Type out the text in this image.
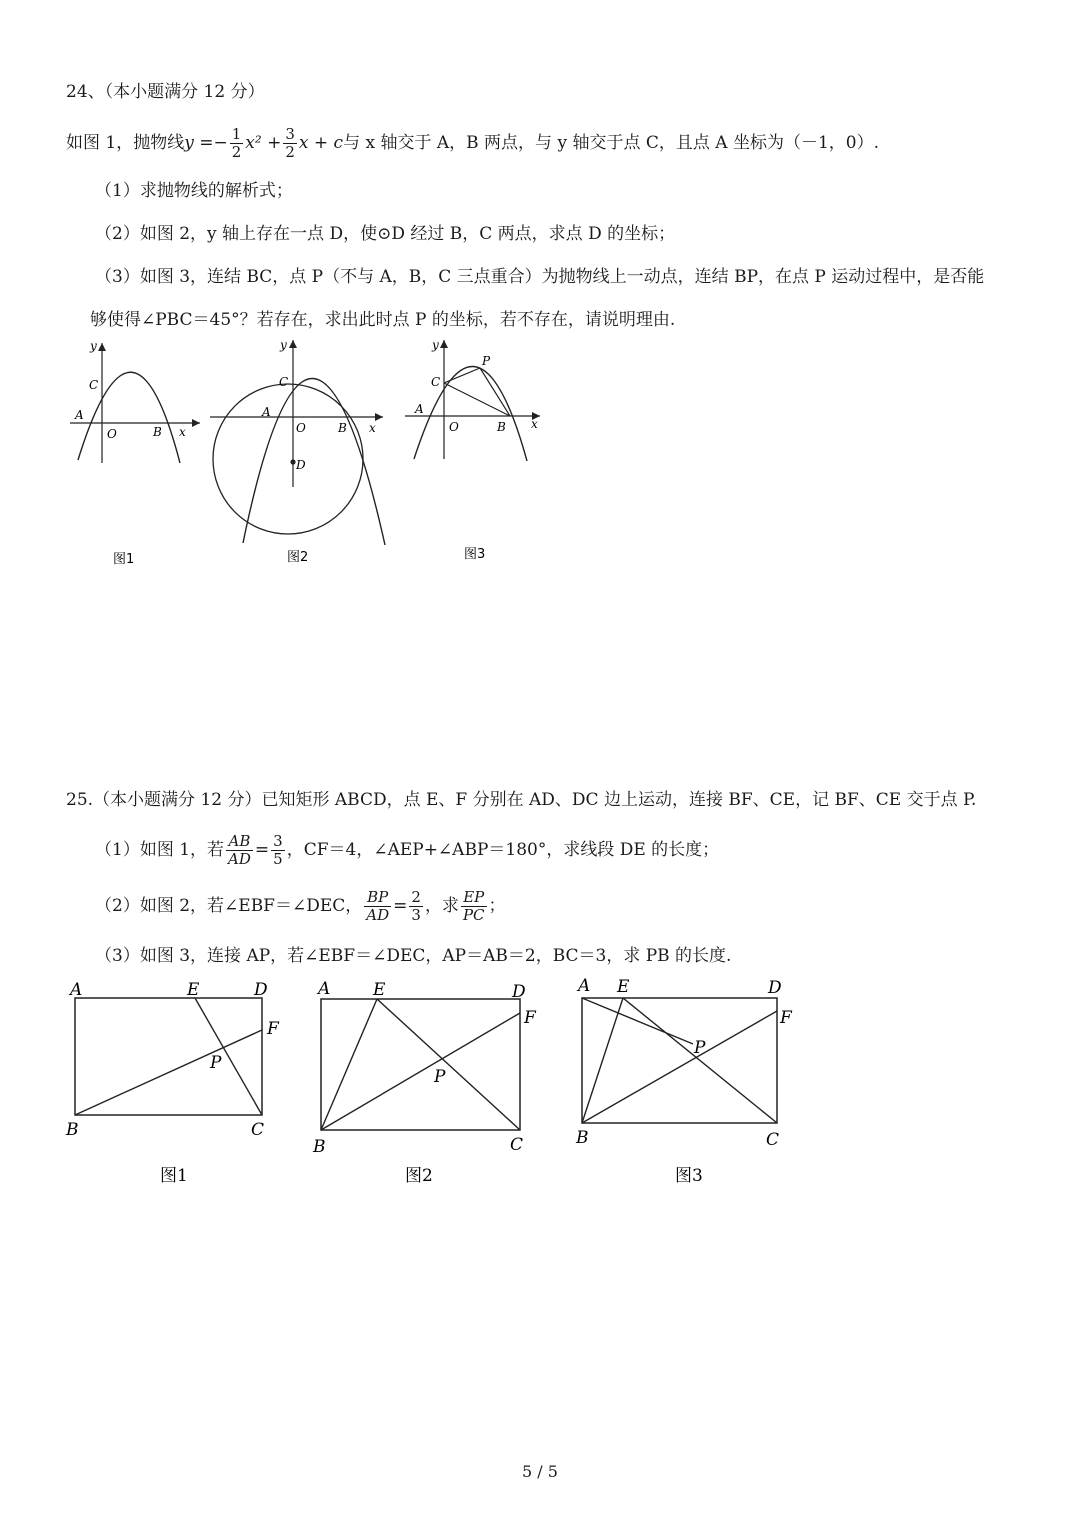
24、（本小题满分 12 分）
如图 1，抛物线$y =- \frac{1}{2} x^2 + \frac{3}{2}$ x + c与 x 轴交于 A，B 两点，与 y 轴交于点 C，且点 A 坐标为（－1，0）.
（1）求抛物线的解析式；
（2）如图 2，y 轴上存在一点 D，使⊙D 经过 B，C 两点，求点 D 的坐标；
（3）如图 3，连结 BC，点 P（不与 A，B，C 三点重合）为抛物线上一动点，连结 BP，在点 P 运动过程中，是否能
够使得∠PBC＝45°？若存在，求出此时点 P 的坐标，若不存在，请说明理由.
y
C
A
O	B x
图1
y
C
A
O	B x
D
图2
y
C
P
A
O	B x
图3
25.（本小题满分 12 分）已知矩形 ABCD，点 E、F 分别在 AD、DC 边上运动，连接 BF、CE，记 BF、CE 交于点 P.
（1）如图 1，若 $\frac{AB}{AD} = \frac{3}{5}$ ，CF＝4，∠AEP+∠ABP＝180°，求线段 DE 的长度；
（2）如图 2，若∠EBF＝∠DEC， $\frac{BP}{AD} = \frac{2}{3}$ ，求 $\frac{EP}{PC}$ ；
（3）如图 3，连接 AP，若∠EBF＝∠DEC，AP＝AB＝2，BC＝3，求 PB 的长度.
A	E	D
F
P
B	C
图1
A	E	D
F
P
B	C
图2
A E	D
F
P
B	C
图3
5 / 5
